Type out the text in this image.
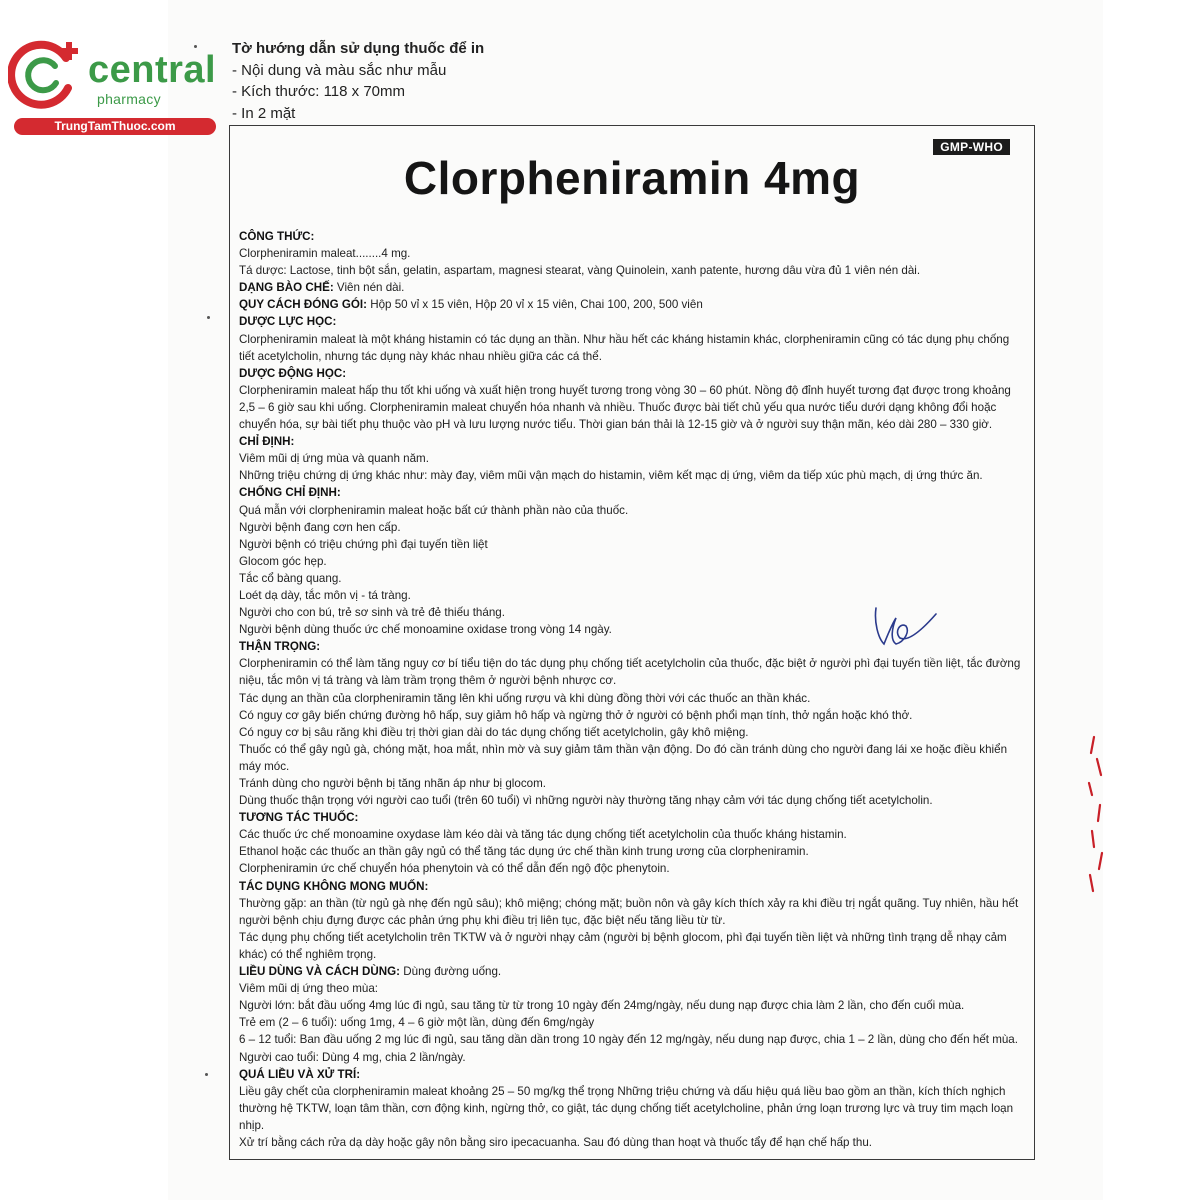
central
pharmacy
TrungTamThuoc.com
Tờ hướng dẫn sử dụng thuốc để in
- Nội dung và màu sắc như mẫu
- Kích thước: 118 x 70mm
- In 2 mặt
GMP-WHO
Clorpheniramin 4mg

CÔNG THỨC:

Clorpheniramin maleat........4 mg.

Tá dược: Lactose, tinh bột sắn, gelatin, aspartam, magnesi stearat, vàng Quinolein, xanh patente, hương dâu vừa đủ 1 viên nén dài.

DẠNG BÀO CHẾ: Viên nén dài.

QUY CÁCH ĐÓNG GÓI: Hộp 50 vỉ x 15 viên, Hộp 20 vỉ x 15 viên, Chai 100, 200, 500 viên

DƯỢC LỰC HỌC:

Clorpheniramin maleat là một kháng histamin có tác dụng an thần. Như hầu hết các kháng histamin khác, clorpheniramin cũng có tác dụng phụ chống tiết acetylcholin, nhưng tác dụng này khác nhau nhiều giữa các cá thể.

DƯỢC ĐỘNG HỌC:

Clorpheniramin maleat hấp thu tốt khi uống và xuất hiện trong huyết tương trong vòng 30 – 60 phút. Nồng độ đỉnh huyết tương đạt được trong khoảng 2,5 – 6 giờ sau khi uống. Clorpheniramin maleat chuyển hóa nhanh và nhiều. Thuốc được bài tiết chủ yếu qua nước tiểu dưới dạng không đổi hoặc chuyển hóa, sự bài tiết phụ thuộc vào pH và lưu lượng nước tiểu. Thời gian bán thải là 12-15 giờ và ở người suy thận mãn, kéo dài 280 – 330 giờ.

CHỈ ĐỊNH:

Viêm mũi dị ứng mùa và quanh năm.

Những triệu chứng dị ứng khác như: mày đay, viêm mũi vận mạch do histamin, viêm kết mạc dị ứng, viêm da tiếp xúc phù mạch, dị ứng thức ăn.

CHỐNG CHỈ ĐỊNH:

Quá mẫn với clorpheniramin maleat hoặc bất cứ thành phần nào của thuốc.

Người bệnh đang cơn hen cấp.

Người bệnh có triệu chứng phì đại tuyến tiền liệt

Glocom góc hẹp.

Tắc cổ bàng quang.

Loét dạ dày, tắc môn vị - tá tràng.

Người cho con bú, trẻ sơ sinh và trẻ đẻ thiếu tháng.

Người bệnh dùng thuốc ức chế monoamine oxidase trong vòng 14 ngày.

THẬN TRỌNG:

Clorpheniramin có thể làm tăng nguy cơ bí tiểu tiện do tác dụng phụ chống tiết acetylcholin của thuốc, đặc biệt ở người phì đại tuyến tiền liệt, tắc đường niệu, tắc môn vị tá tràng và làm trầm trọng thêm ở người bệnh nhược cơ.

Tác dụng an thần của clorpheniramin tăng lên khi uống rượu và khi dùng đồng thời với các thuốc an thần khác.

Có nguy cơ gây biến chứng đường hô hấp, suy giảm hô hấp và ngừng thở ở người có bệnh phổi mạn tính, thở ngắn hoặc khó thở.

Có nguy cơ bị sâu răng khi điều trị thời gian dài do tác dụng chống tiết acetylcholin, gây khô miệng.

Thuốc có thể gây ngủ gà, chóng mặt, hoa mắt, nhìn mờ và suy giảm tâm thần vận động. Do đó cần tránh dùng cho người đang lái xe hoặc điều khiển máy móc.

Tránh dùng cho người bệnh bị tăng nhãn áp như bị glocom.

Dùng thuốc thận trọng với người cao tuổi (trên 60 tuổi) vì những người này thường tăng nhạy cảm với tác dụng chống tiết acetylcholin.

TƯƠNG TÁC THUỐC:

Các thuốc ức chế monoamine oxydase làm kéo dài và tăng tác dụng chống tiết acetylcholin của thuốc kháng histamin.

Ethanol hoặc các thuốc an thần gây ngủ có thể tăng tác dụng ức chế thần kinh trung ương của clorpheniramin.

Clorpheniramin ức chế chuyển hóa phenytoin và có thể dẫn đến ngộ độc phenytoin.

TÁC DỤNG KHÔNG MONG MUỐN:

Thường gặp: an thần (từ ngủ gà nhẹ đến ngủ sâu); khô miệng; chóng mặt; buồn nôn và gây kích thích xảy ra khi điều trị ngắt quãng. Tuy nhiên, hầu hết người bệnh chịu đựng được các phản ứng phụ khi điều trị liên tục, đặc biệt nếu tăng liều từ từ.

Tác dụng phụ chống tiết acetylcholin trên TKTW và ở người nhạy cảm (người bị bệnh glocom, phì đại tuyến tiền liệt và những tình trạng dễ nhạy cảm khác) có thể nghiêm trọng.

LIỀU DÙNG VÀ CÁCH DÙNG: Dùng đường uống.

Viêm mũi dị ứng theo mùa:

Người lớn: bắt đầu uống 4mg lúc đi ngủ, sau tăng từ từ trong 10 ngày đến 24mg/ngày, nếu dung nạp được chia làm 2 lần, cho đến cuối mùa.

Trẻ em (2 – 6 tuổi): uống 1mg, 4 – 6 giờ một lần, dùng đến 6mg/ngày

6 – 12 tuổi: Ban đầu uống 2 mg lúc đi ngủ, sau tăng dần dần trong 10 ngày đến 12 mg/ngày, nếu dung nạp được, chia 1 – 2 lần, dùng cho đến hết mùa.

Người cao tuổi: Dùng 4 mg, chia 2 lần/ngày.

QUÁ LIỀU VÀ XỬ TRÍ:

Liều gây chết của clorpheniramin maleat khoảng 25 – 50 mg/kg thể trọng Những triệu chứng và dấu hiệu quá liều bao gồm an thần, kích thích nghịch thường hệ TKTW, loạn tâm thần, cơn động kinh, ngừng thở, co giật, tác dụng chống tiết acetylcholine, phản ứng loạn trương lực và truy tim mạch loạn nhịp.

Xử trí bằng cách rửa dạ dày hoặc gây nôn bằng siro ipecacuanha. Sau đó dùng than hoạt và thuốc tẩy để hạn chế hấp thu.
